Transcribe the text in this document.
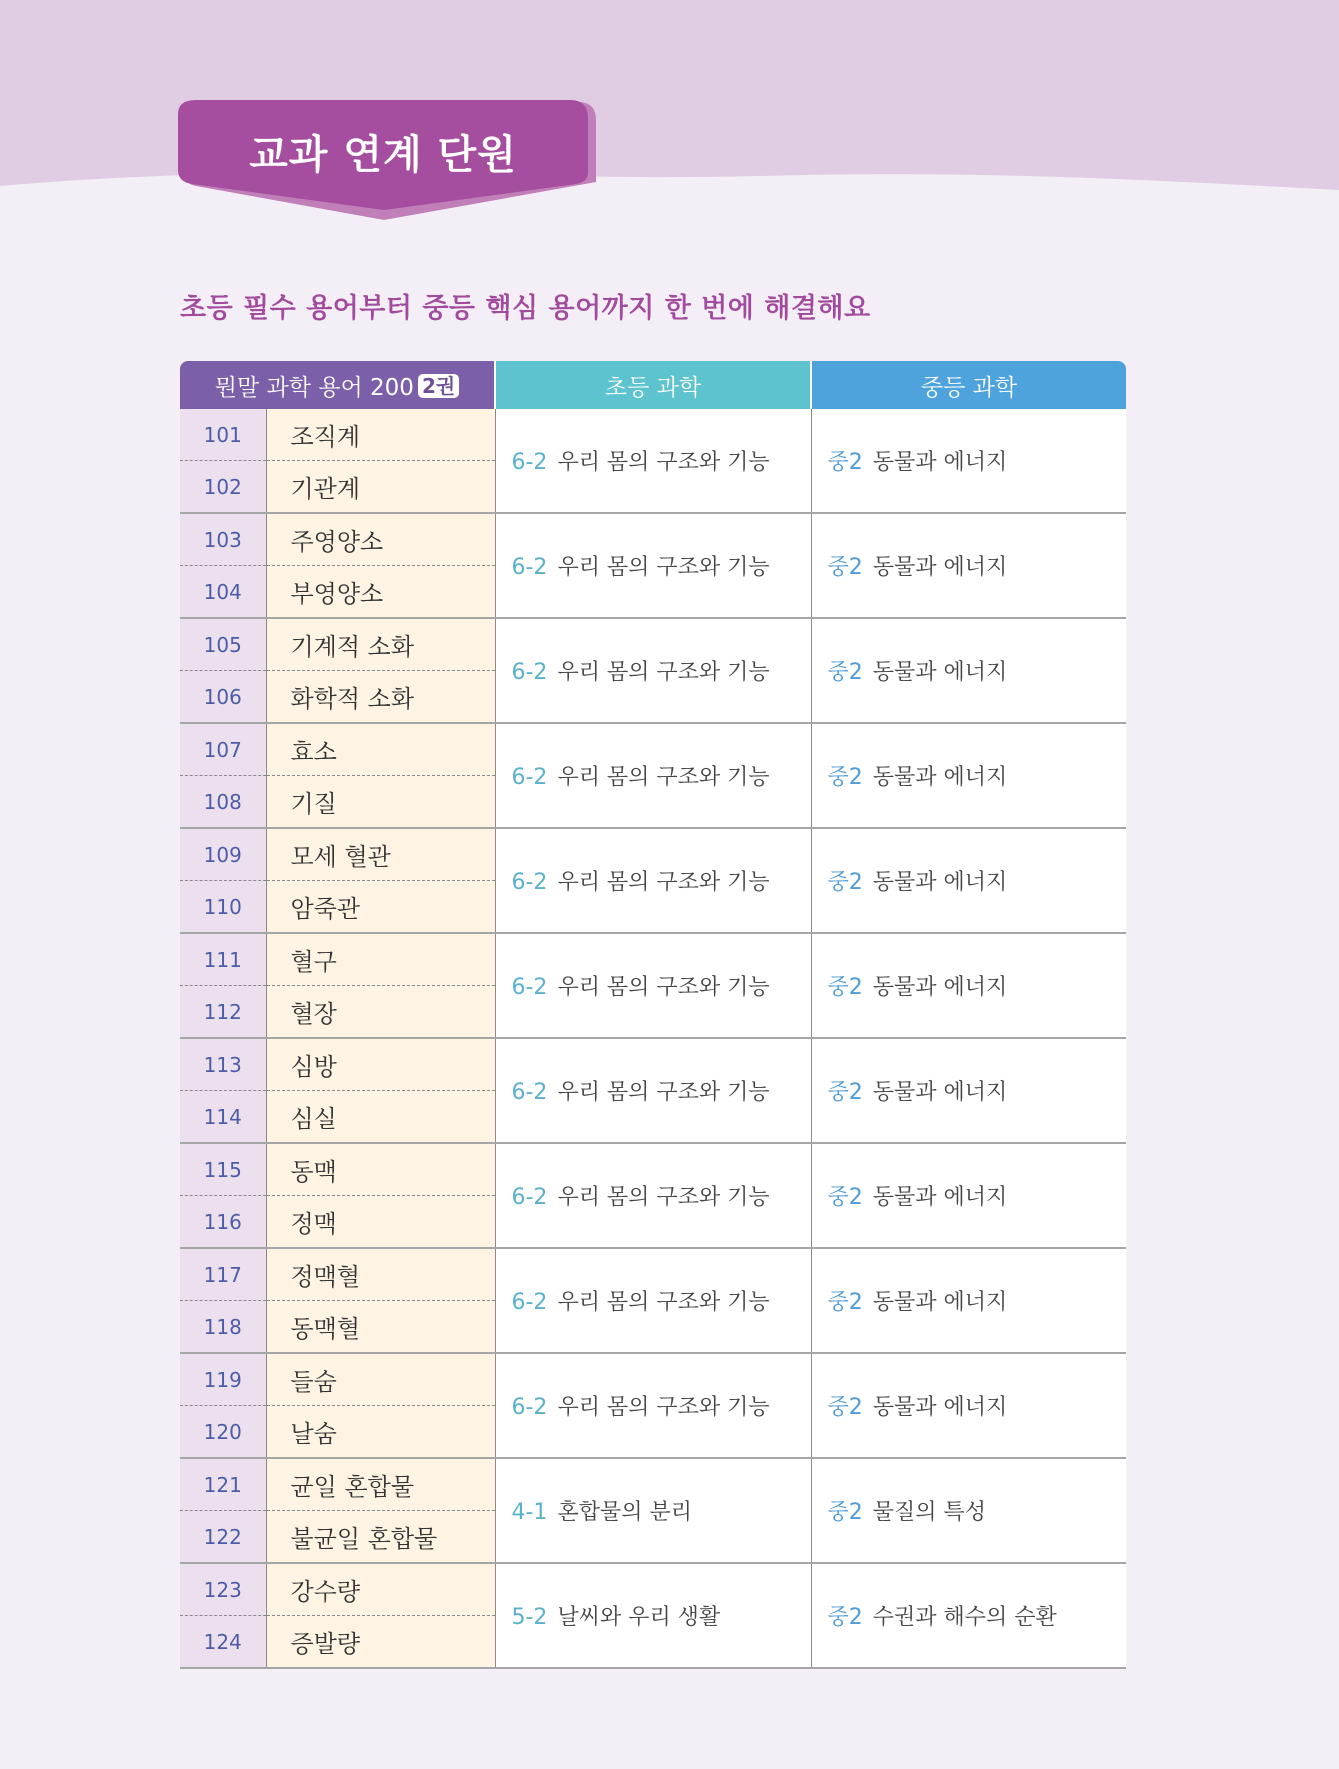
교과 연계 단원
초등 필수 용어부터 중등 핵심 용어까지 한 번에 해결해요
뭔말 과학 용어 200 2권		초등 과학	중등 과학
101	조직계	6-2 우리 몸의 구조와 기능	중2 동물과 에너지
102	기관계		
103	주영양소	6-2 우리 몸의 구조와 기능	중2 동물과 에너지
104	부영양소		
105	기계적 소화	6-2 우리 몸의 구조와 기능	중2 동물과 에너지
106	화학적 소화		
107	효소	6-2 우리 몸의 구조와 기능	중2 동물과 에너지
108	기질		
109	모세 혈관	6-2 우리 몸의 구조와 기능	중2 동물과 에너지
110	암죽관		
111	혈구	6-2 우리 몸의 구조와 기능	중2 동물과 에너지
112	혈장		
113	심방	6-2 우리 몸의 구조와 기능	중2 동물과 에너지
114	심실		
115	동맥	6-2 우리 몸의 구조와 기능	중2 동물과 에너지
116	정맥		
117	정맥혈	6-2 우리 몸의 구조와 기능	중2 동물과 에너지
118	동맥혈		
119	들숨	6-2 우리 몸의 구조와 기능	중2 동물과 에너지
120	날숨		
121	균일 혼합물	4-1 혼합물의 분리	중2 물질의 특성
122	불균일 혼합물		
123	강수량	5-2 날씨와 우리 생활	중2 수권과 해수의 순환
124	증발량		
